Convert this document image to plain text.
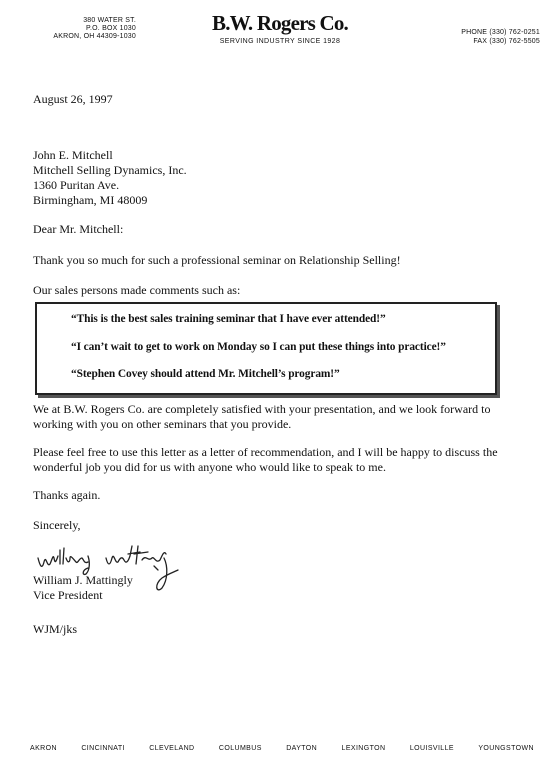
380 WATER ST.
P.O. BOX 1030
AKRON, OH 44309-1030
B.W. Rogers Co.
SERVING INDUSTRY SINCE 1928
PHONE (330) 762-0251
FAX (330) 762-5505
August 26, 1997
John E. Mitchell
Mitchell Selling Dynamics, Inc.
1360 Puritan Ave.
Birmingham, MI 48009
Dear Mr. Mitchell:
Thank you so much for such a professional seminar on Relationship Selling!
Our sales persons made comments such as:
“This is the best sales training seminar that I have ever attended!”
“I can’t wait to get to work on Monday so I can put these things into practice!”
“Stephen Covey should attend Mr. Mitchell’s program!”
We at B.W. Rogers Co. are completely satisfied with your presentation, and we look forward to working with you on other seminars that you provide.
Please feel free to use this letter as a letter of recommendation, and I will be happy to discuss the wonderful job you did for us with anyone who would like to speak to me.
Thanks again.
Sincerely,
William J. Mattingly
Vice President
WJM/jks
AKRON	CINCINNATI	CLEVELAND	COLUMBUS	DAYTON	LEXINGTON	LOUISVILLE	YOUNGSTOWN
